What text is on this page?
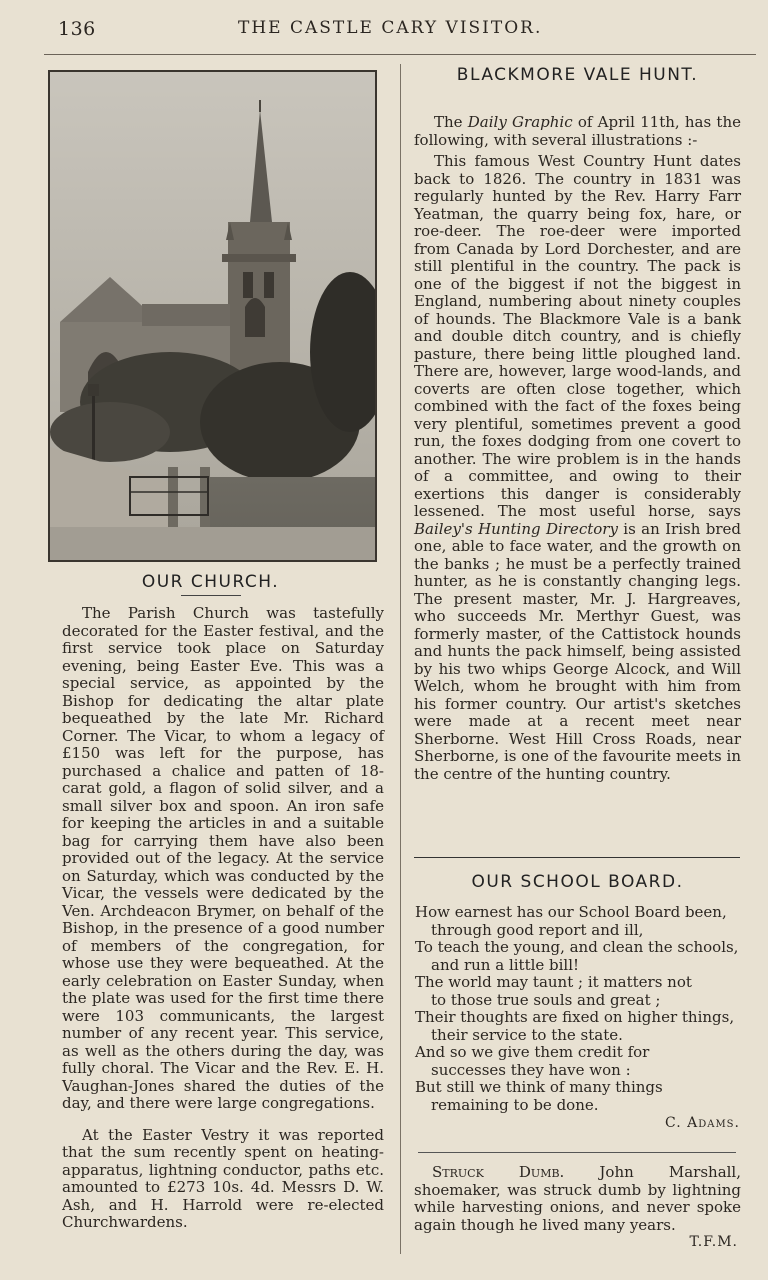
136	THE CASTLE CARY VISITOR.
OUR CHURCH.

The Parish Church was tastefully decorated for the Easter festival, and the first service took place on Saturday evening, being Easter Eve. This was a special service, as appointed by the Bishop for dedicating the altar plate bequeathed by the late Mr. Richard Corner. The Vicar, to whom a legacy of £150 was left for the purpose, has purchased a chalice and patten of 18-carat gold, a flagon of solid silver, and a small silver box and spoon. An iron safe for keeping the articles in and a suitable bag for carrying them have also been provided out of the legacy. At the service on Saturday, which was conducted by the Vicar, the vessels were dedicated by the Ven. Archdeacon Brymer, on behalf of the Bishop, in the presence of a good number of members of the congregation, for whose use they were bequeathed. At the early celebration on Easter Sunday, when the plate was used for the first time there were 103 communicants, the largest number of any recent year. This service, as well as the others during the day, was fully choral. The Vicar and the Rev. E. H. Vaughan-Jones shared the duties of the day, and there were large congregations.

At the Easter Vestry it was reported that the sum recently spent on heating-apparatus, lightning conductor, paths etc. amounted to £273 10s. 4d. Messrs D. W. Ash, and H. Harrold were re-elected Churchwardens.

BLACKMORE VALE HUNT.

The Daily Graphic of April 11th, has the following, with several illustrations :-

This famous West Country Hunt dates back to 1826. The country in 1831 was regularly hunted by the Rev. Harry Farr Yeatman, the quarry being fox, hare, or roe-deer. The roe-deer were imported from Canada by Lord Dorchester, and are still plentiful in the country. The pack is one of the biggest if not the biggest in England, numbering about ninety couples of hounds. The Blackmore Vale is a bank and double ditch country, and is chiefly pasture, there being little ploughed land. There are, however, large wood-lands, and coverts are often close together, which combined with the fact of the foxes being very plentiful, sometimes prevent a good run, the foxes dodging from one covert to another. The wire problem is in the hands of a committee, and owing to their exertions this danger is considerably lessened. The most useful horse, says Bailey's Hunting Directory is an Irish bred one, able to face water, and the growth on the banks ; he must be a perfectly trained hunter, as he is constantly changing legs. The present master, Mr. J. Hargreaves, who succeeds Mr. Merthyr Guest, was formerly master, of the Cattistock hounds and hunts the pack himself, being assisted by his two whips George Alcock, and Will Welch, whom he brought with him from his former country. Our artist's sketches were made at a recent meet near Sherborne. West Hill Cross Roads, near Sherborne, is one of the favourite meets in the centre of the hunting country.

OUR SCHOOL BOARD.
How earnest has our School Board been,
through good report and ill,
To teach the young, and clean the schools,
and run a little bill!
The world may taunt ; it matters not
to those true souls and great ;
Their thoughts are fixed on higher things,
their service to the state.
And so we give them credit for
successes they have won :
But still we think of many things
remaining to be done.
C. Adams.

Struck Dumb. John Marshall, shoemaker, was struck dumb by lightning while harvesting onions, and never spoke again though he lived many years.

T.F.M.
